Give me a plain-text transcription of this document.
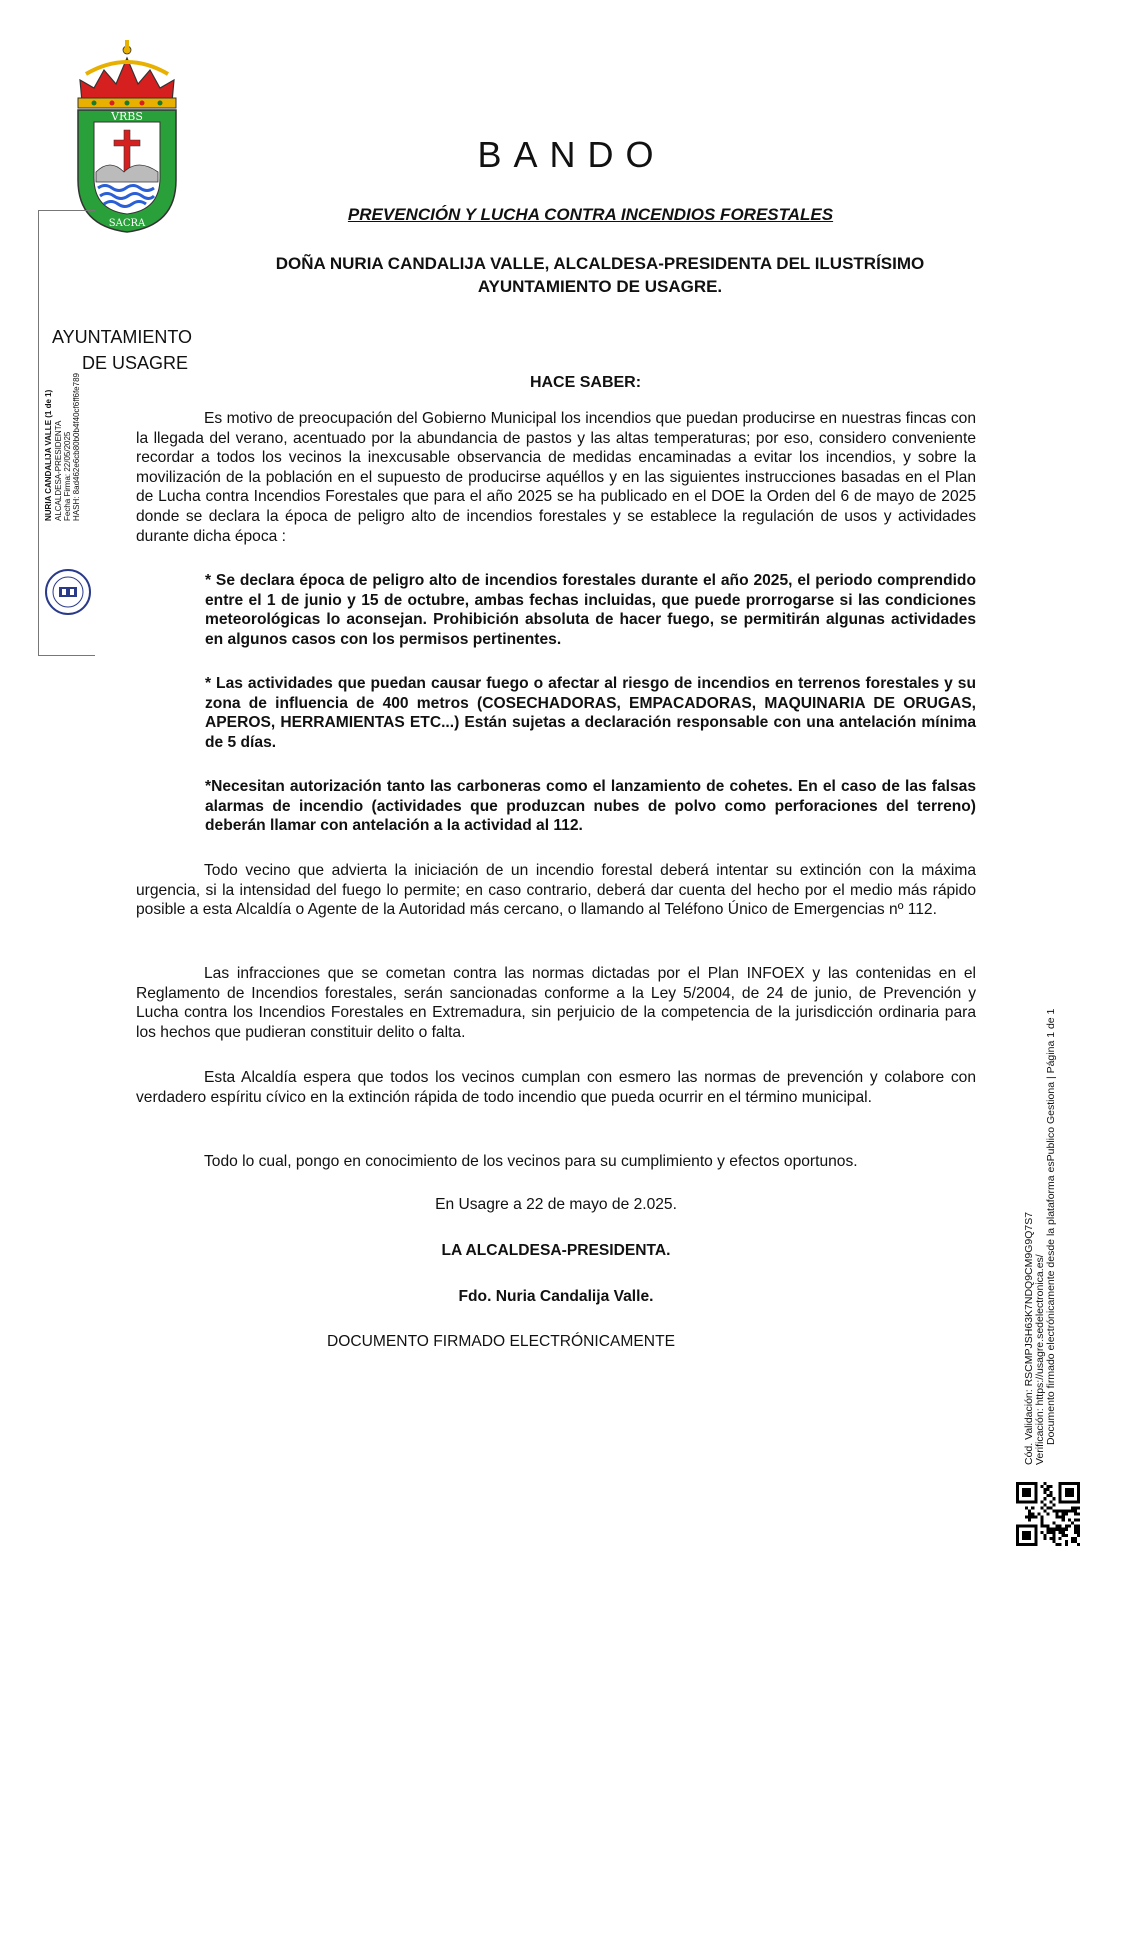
VRBS
SACRA
AYUNTAMIENTO
DE USAGRE
NURIA CANDALIJA VALLE (1 de 1) ALCALDESA-PRESIDENTA Fecha Firma: 22/05/2025 HASH: 8ad462e6cb80b0b4f40cf6ff6fe789
BANDO
PREVENCIÓN Y LUCHA CONTRA INCENDIOS FORESTALES
DOÑA NURIA CANDALIJA VALLE, ALCALDESA-PRESIDENTA DEL ILUSTRÍSIMO
AYUNTAMIENTO DE USAGRE.
HACE SABER:
Es motivo de preocupación del Gobierno Municipal los incendios que puedan producirse en nuestras fincas con la llegada del verano, acentuado por la abundancia de pastos y las altas temperaturas; por eso, considero conveniente recordar a todos los vecinos la inexcusable observancia de medidas encaminadas a evitar los incendios, y sobre la movilización de la población en el supuesto de producirse aquéllos y en las siguientes instrucciones basadas en el Plan de Lucha contra Incendios Forestales que para el año 2025 se ha publicado en el DOE la Orden del 6 de mayo de 2025 donde se declara la época de peligro alto de incendios forestales y se establece la regulación de usos y actividades durante dicha época :
* Se declara época de peligro alto de incendios forestales durante el año 2025, el periodo comprendido entre el 1 de junio y 15 de octubre, ambas fechas incluidas, que puede prorrogarse si las condiciones meteorológicas lo aconsejan. Prohibición absoluta de hacer fuego, se permitirán algunas actividades en algunos casos con los permisos pertinentes.
* Las actividades que puedan causar fuego o afectar al riesgo de incendios en terrenos forestales y su zona de influencia de 400 metros (COSECHADORAS, EMPACADORAS, MAQUINARIA DE ORUGAS, APEROS, HERRAMIENTAS ETC...) Están sujetas a declaración responsable con una antelación mínima de 5 días.
*Necesitan autorización tanto las carboneras como el lanzamiento de cohetes. En el caso de las falsas alarmas de incendio (actividades que produzcan nubes de polvo como perforaciones del terreno) deberán llamar con antelación a la actividad al 112.
Todo vecino que advierta la iniciación de un incendio forestal deberá intentar su extinción con la máxima urgencia, si la intensidad del fuego lo permite; en caso contrario, deberá dar cuenta del hecho por el medio más rápido posible a esta Alcaldía o Agente de la Autoridad más cercano, o llamando al Teléfono Único de Emergencias nº 112.
Las infracciones que se cometan contra las normas dictadas por el Plan INFOEX y las contenidas en el Reglamento de Incendios forestales, serán sancionadas conforme a la Ley 5/2004, de 24 de junio, de Prevención y Lucha contra los Incendios Forestales en Extremadura, sin perjuicio de la competencia de la jurisdicción ordinaria para los hechos que pudieran constituir delito o falta.
Esta Alcaldía espera que todos los vecinos cumplan con esmero las normas de prevención y colabore con verdadero espíritu cívico en la extinción rápida de todo incendio que pueda ocurrir en el término municipal.
Todo lo cual, pongo en conocimiento de los vecinos para su cumplimiento y efectos oportunos.
En Usagre a 22 de mayo de 2.025.
LA ALCALDESA-PRESIDENTA.
Fdo. Nuria Candalija Valle.
DOCUMENTO FIRMADO ELECTRÓNICAMENTE	Cód. Validación: RSCMPJSH63K7NDQ9CM9G9Q7S7 Verificación: https://usagre.sedelectronica.es/ Documento firmado electrónicamente desde la plataforma esPublico Gestiona | Página 1 de 1
